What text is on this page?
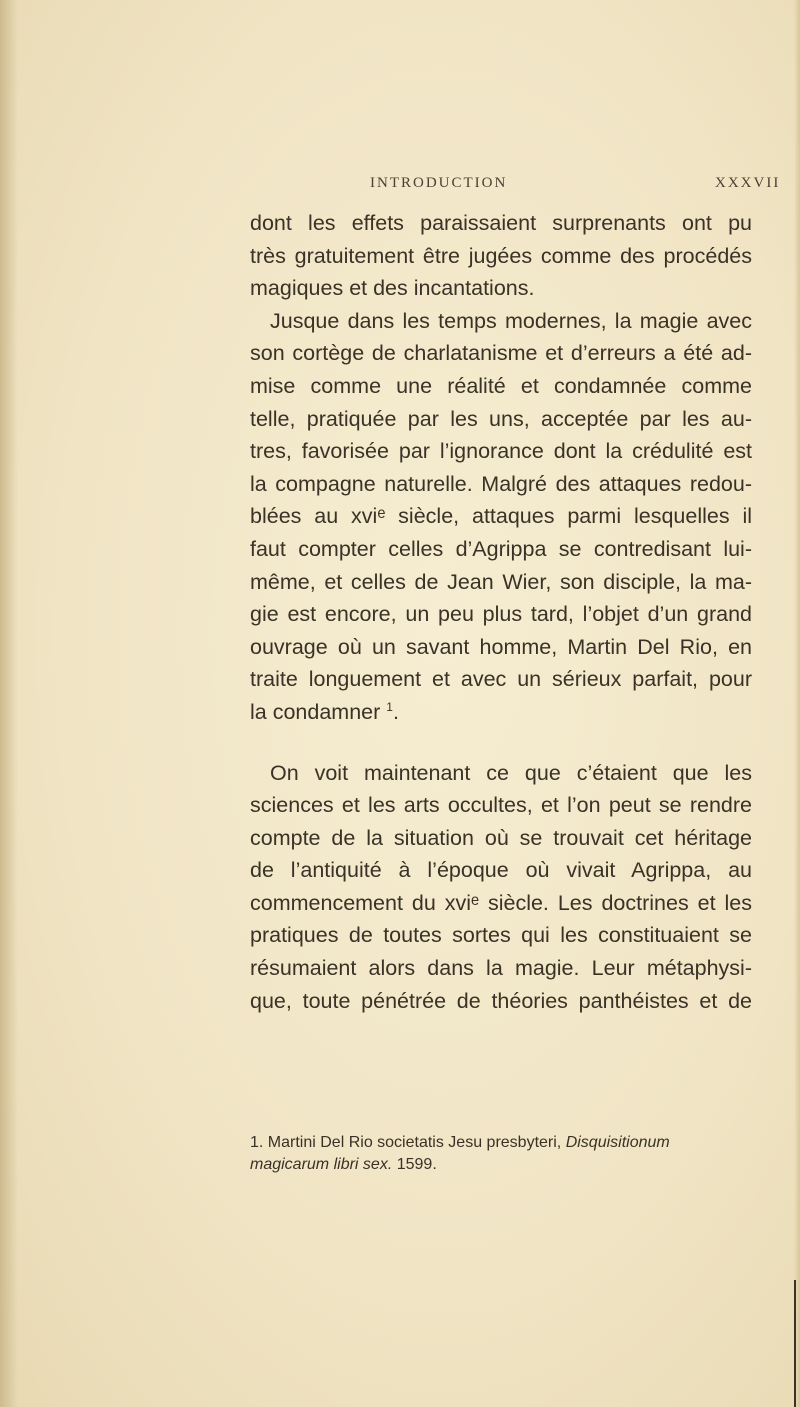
INTRODUCTION	XXXVII
dont les effets paraissaient surprenants ont pu
très gratuitement être jugées comme des procédés
magiques et des incantations.
Jusque dans les temps modernes, la magie avec
son cortège de charlatanisme et d’erreurs a été ad-
mise comme une réalité et condamnée comme
telle, pratiquée par les uns, acceptée par les au-
tres, favorisée par l’ignorance dont la crédulité est
la compagne naturelle. Malgré des attaques redou-
blées au xviᵉ siècle, attaques parmi lesquelles il
faut compter celles d’Agrippa se contredisant lui-
même, et celles de Jean Wier, son disciple, la ma-
gie est encore, un peu plus tard, l’objet d’un grand
ouvrage où un savant homme, Martin Del Rio, en
traite longuement et avec un sérieux parfait, pour
la condamner $^1$.
On voit maintenant ce que c’étaient que les
sciences et les arts occultes, et l’on peut se rendre
compte de la situation où se trouvait cet héritage
de l’antiquité à l’époque où vivait Agrippa, au
commencement du xviᵉ siècle. Les doctrines et les
pratiques de toutes sortes qui les constituaient se
résumaient alors dans la magie. Leur métaphysi-
que, toute pénétrée de théories panthéistes et de
1. Martini Del Rio societatis Jesu presbyteri, Disquisitionum
magicarum libri sex. 1599.
